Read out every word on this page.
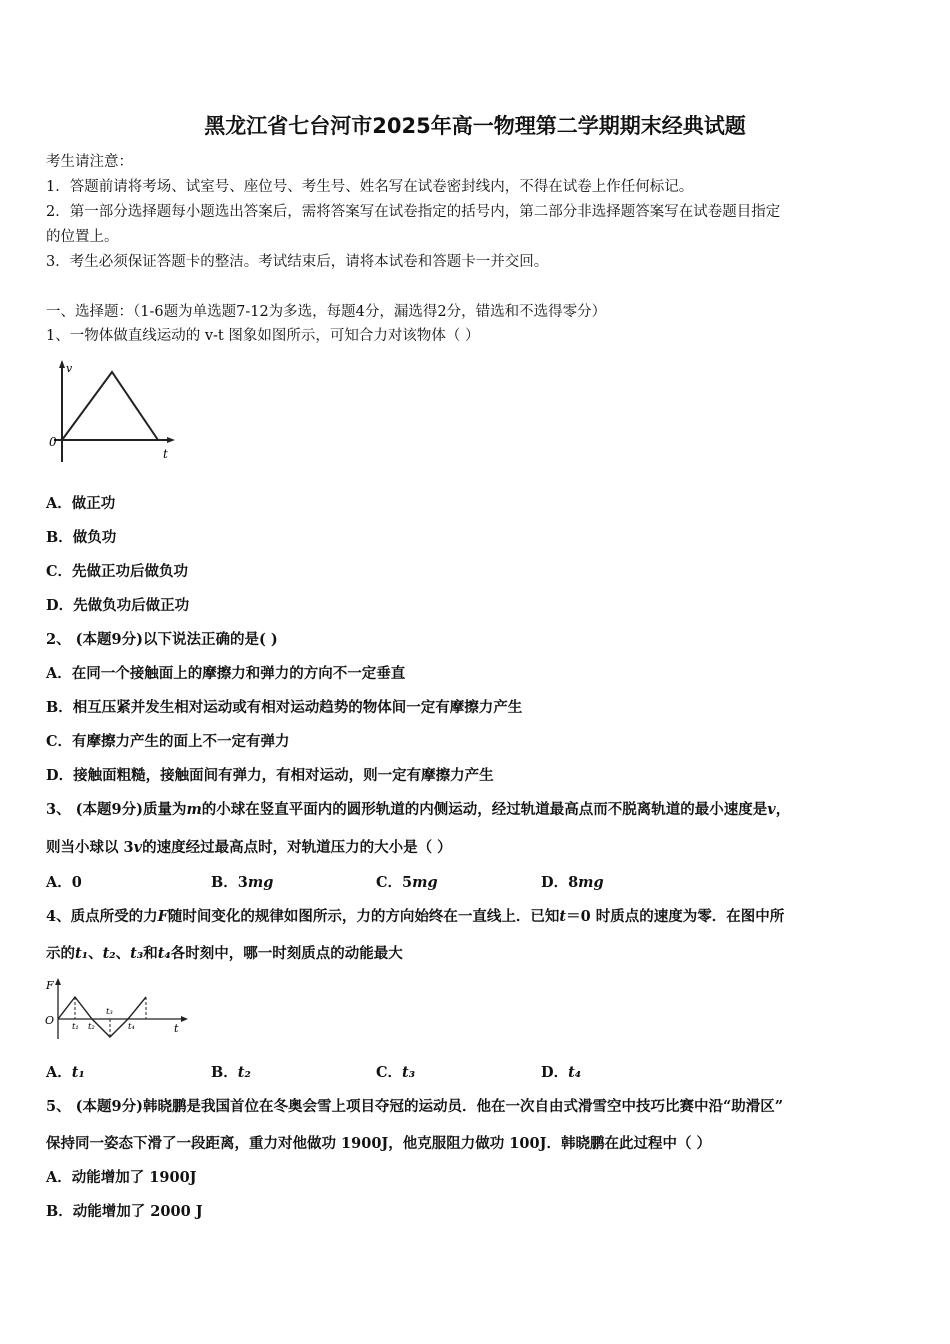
黑龙江省七台河市2025年高一物理第二学期期末经典试题
考生请注意：
1．答题前请将考场、试室号、座位号、考生号、姓名写在试卷密封线内，不得在试卷上作任何标记。
2．第一部分选择题每小题选出答案后，需将答案写在试卷指定的括号内，第二部分非选择题答案写在试卷题目指定
的位置上。
3．考生必须保证答题卡的整洁。考试结束后，请将本试卷和答题卡一并交回。
一、选择题：（1-6题为单选题7-12为多选，每题4分，漏选得2分，错选和不选得零分）
1、一物体做直线运动的 v-t 图象如图所示，可知合力对该物体（ ）
v
0
t
A．做正功
B．做负功
C．先做正功后做负功
D．先做负功后做正功
2、 (本题9分)以下说法正确的是( )
A．在同一个接触面上的摩擦力和弹力的方向不一定垂直
B．相互压紧并发生相对运动或有相对运动趋势的物体间一定有摩擦力产生
C．有摩擦力产生的面上不一定有弹力
D．接触面粗糙，接触面间有弹力，有相对运动，则一定有摩擦力产生
3、 (本题9分)质量为m的小球在竖直平面内的圆形轨道的内侧运动，经过轨道最高点而不脱离轨道的最小速度是v，
则当小球以 3v的速度经过最高点时，对轨道压力的大小是（ ）
A．0	B．3mg	C．5mg	D．8mg
4、质点所受的力F随时间变化的规律如图所示，力的方向始终在一直线上．已知t＝0 时质点的速度为零．在图中所
示的t₁、t₂、t₃和t₄各时刻中，哪一时刻质点的动能最大
F
O
t
t₁ t₂
t₃
t₄
A．t₁	B．t₂	C．t₃	D．t₄
5、 (本题9分)韩晓鹏是我国首位在冬奥会雪上项目夺冠的运动员．他在一次自由式滑雪空中技巧比赛中沿“助滑区”
保持同一姿态下滑了一段距离，重力对他做功 1900J，他克服阻力做功 100J．韩晓鹏在此过程中（ ）
A．动能增加了 1900J
B．动能增加了 2000 J
